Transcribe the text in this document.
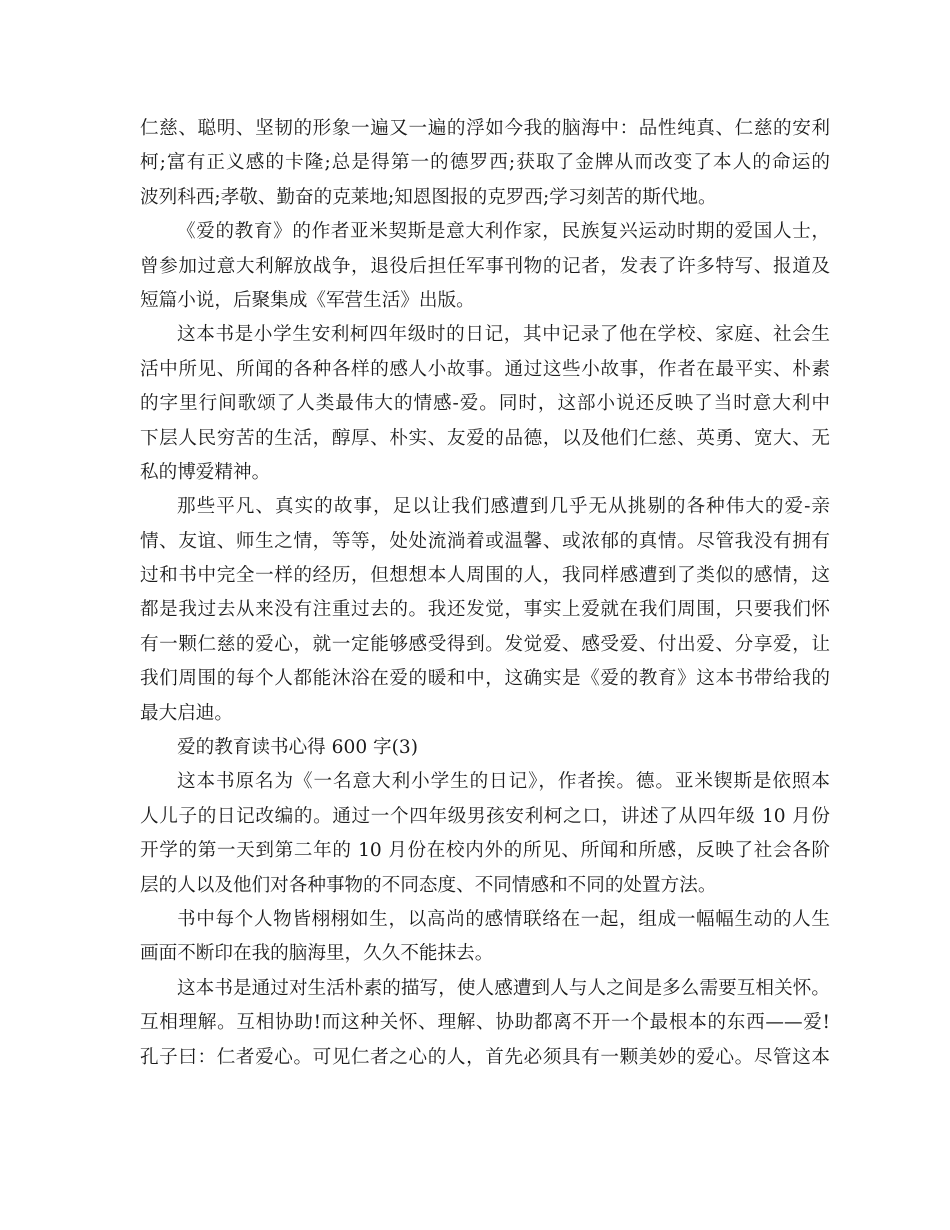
仁慈、聪明、坚韧的形象一遍又一遍的浮如今我的脑海中：品性纯真、仁慈的安利
柯;富有正义感的卡隆;总是得第一的德罗西;获取了金牌从而改变了本人的命运的
波列科西;孝敬、勤奋的克莱地;知恩图报的克罗西;学习刻苦的斯代地。
《爱的教育》的作者亚米契斯是意大利作家，民族复兴运动时期的爱国人士，
曾参加过意大利解放战争，退役后担任军事刊物的记者，发表了许多特写、报道及
短篇小说，后聚集成《军营生活》出版。
这本书是小学生安利柯四年级时的日记，其中记录了他在学校、家庭、社会生
活中所见、所闻的各种各样的感人小故事。通过这些小故事，作者在最平实、朴素
的字里行间歌颂了人类最伟大的情感-爱。同时，这部小说还反映了当时意大利中
下层人民穷苦的生活，醇厚、朴实、友爱的品德，以及他们仁慈、英勇、宽大、无
私的博爱精神。
那些平凡、真实的故事，足以让我们感遭到几乎无从挑剔的各种伟大的爱-亲
情、友谊、师生之情，等等，处处流淌着或温馨、或浓郁的真情。尽管我没有拥有
过和书中完全一样的经历，但想想本人周围的人，我同样感遭到了类似的感情，这
都是我过去从来没有注重过去的。我还发觉，事实上爱就在我们周围，只要我们怀
有一颗仁慈的爱心，就一定能够感受得到。发觉爱、感受爱、付出爱、分享爱，让
我们周围的每个人都能沐浴在爱的暖和中，这确实是《爱的教育》这本书带给我的
最大启迪。
爱的教育读书心得 600 字(3)
这本书原名为《一名意大利小学生的日记》，作者挨。德。亚米锲斯是依照本
人儿子的日记改编的。通过一个四年级男孩安利柯之口，讲述了从四年级 10 月份
开学的第一天到第二年的 10 月份在校内外的所见、所闻和所感，反映了社会各阶
层的人以及他们对各种事物的不同态度、不同情感和不同的处置方法。
书中每个人物皆栩栩如生，以高尚的感情联络在一起，组成一幅幅生动的人生
画面不断印在我的脑海里，久久不能抹去。
这本书是通过对生活朴素的描写，使人感遭到人与人之间是多么需要互相关怀。
互相理解。互相协助!而这种关怀、理解、协助都离不开一个最根本的东西——爱!
孔子曰：仁者爱心。可见仁者之心的人，首先必须具有一颗美妙的爱心。尽管这本
